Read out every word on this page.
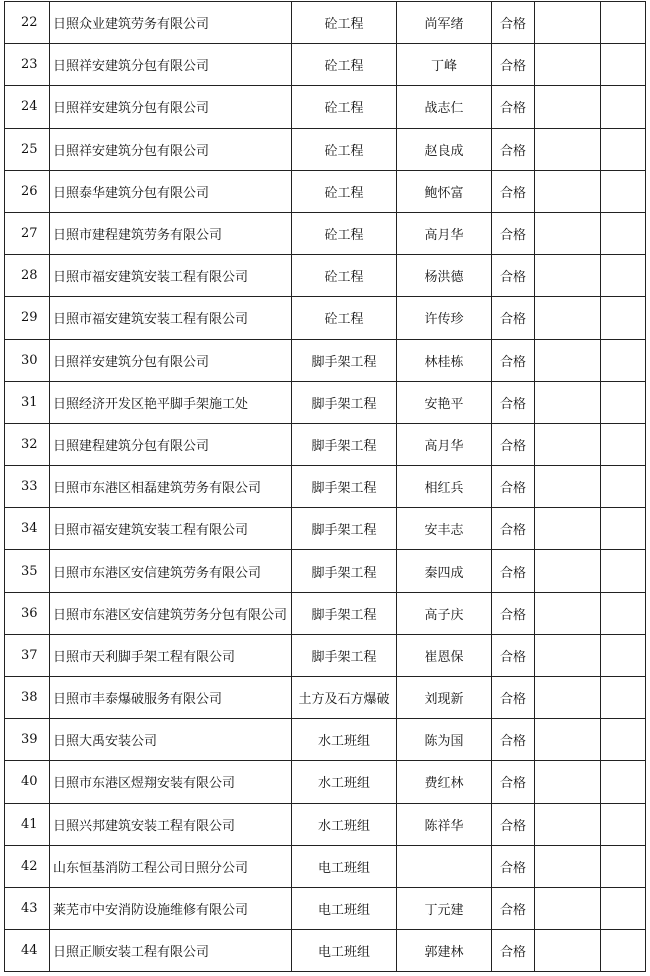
22	日照众业建筑劳务有限公司	砼工程	尚军绪	合格		
23	日照祥安建筑分包有限公司	砼工程	丁峰	合格		
24	日照祥安建筑分包有限公司	砼工程	战志仁	合格		
25	日照祥安建筑分包有限公司	砼工程	赵良成	合格		
26	日照泰华建筑分包有限公司	砼工程	鲍怀富	合格		
27	日照市建程建筑劳务有限公司	砼工程	高月华	合格		
28	日照市福安建筑安装工程有限公司	砼工程	杨洪德	合格		
29	日照市福安建筑安装工程有限公司	砼工程	许传珍	合格		
30	日照祥安建筑分包有限公司	脚手架工程	林桂栋	合格		
31	日照经济开发区艳平脚手架施工处	脚手架工程	安艳平	合格		
32	日照建程建筑分包有限公司	脚手架工程	高月华	合格		
33	日照市东港区相磊建筑劳务有限公司	脚手架工程	相红兵	合格		
34	日照市福安建筑安装工程有限公司	脚手架工程	安丰志	合格		
35	日照市东港区安信建筑劳务有限公司	脚手架工程	秦四成	合格		
36	日照市东港区安信建筑劳务分包有限公司	脚手架工程	高子庆	合格		
37	日照市天利脚手架工程有限公司	脚手架工程	崔恩保	合格		
38	日照市丰泰爆破服务有限公司	土方及石方爆破	刘现新	合格		
39	日照大禹安装公司	水工班组	陈为国	合格		
40	日照市东港区煜翔安装有限公司	水工班组	费红林	合格		
41	日照兴邦建筑安装工程有限公司	水工班组	陈祥华	合格		
42	山东恒基消防工程公司日照分公司	电工班组		合格		
43	莱芜市中安消防设施维修有限公司	电工班组	丁元建	合格		
44	日照正顺安装工程有限公司	电工班组	郭建林	合格		
